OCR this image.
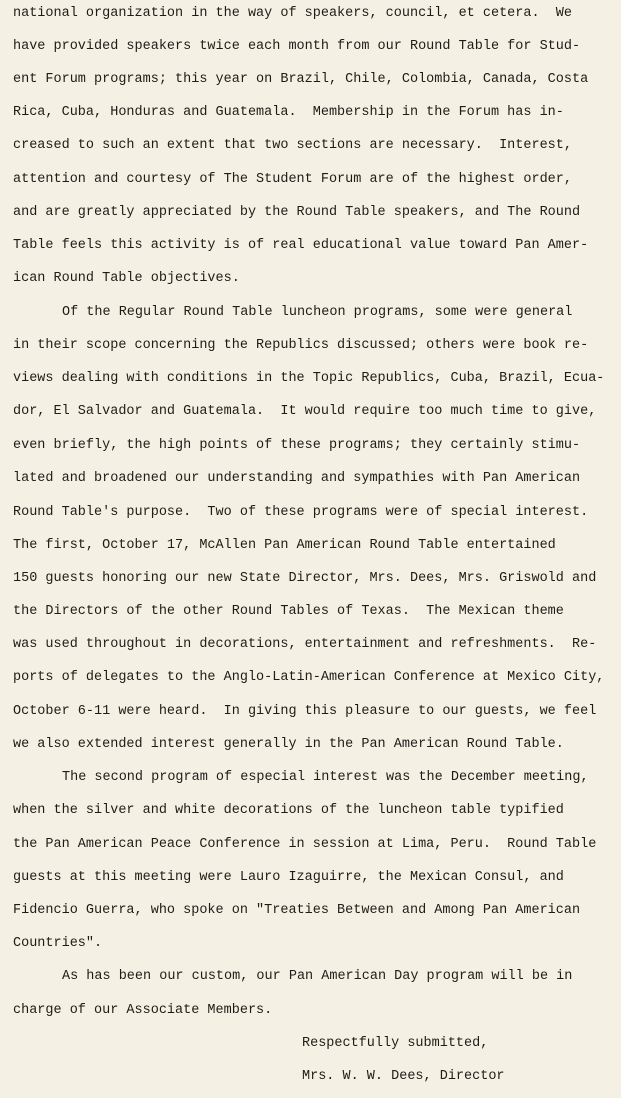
national organization in the way of speakers, council, et cetera.  We
have provided speakers twice each month from our Round Table for Stud-
ent Forum programs; this year on Brazil, Chile, Colombia, Canada, Costa
Rica, Cuba, Honduras and Guatemala.  Membership in the Forum has in-
creased to such an extent that two sections are necessary.  Interest,
attention and courtesy of The Student Forum are of the highest order,
and are greatly appreciated by the Round Table speakers, and The Round
Table feels this activity is of real educational value toward Pan Amer-
ican Round Table objectives.
Of the Regular Round Table luncheon programs, some were general
in their scope concerning the Republics discussed; others were book re-
views dealing with conditions in the Topic Republics, Cuba, Brazil, Ecua-
dor, El Salvador and Guatemala.  It would require too much time to give,
even briefly, the high points of these programs; they certainly stimu-
lated and broadened our understanding and sympathies with Pan American
Round Table's purpose.  Two of these programs were of special interest.
The first, October 17, McAllen Pan American Round Table entertained
150 guests honoring our new State Director, Mrs. Dees, Mrs. Griswold and
the Directors of the other Round Tables of Texas.  The Mexican theme
was used throughout in decorations, entertainment and refreshments.  Re-
ports of delegates to the Anglo-Latin-American Conference at Mexico City,
October 6-11 were heard.  In giving this pleasure to our guests, we feel
we also extended interest generally in the Pan American Round Table.
The second program of especial interest was the December meeting,
when the silver and white decorations of the luncheon table typified
the Pan American Peace Conference in session at Lima, Peru.  Round Table
guests at this meeting were Lauro Izaguirre, the Mexican Consul, and
Fidencio Guerra, who spoke on "Treaties Between and Among Pan American
Countries".
As has been our custom, our Pan American Day program will be in
charge of our Associate Members.
Respectfully submitted,
Mrs. W. W. Dees, Director
